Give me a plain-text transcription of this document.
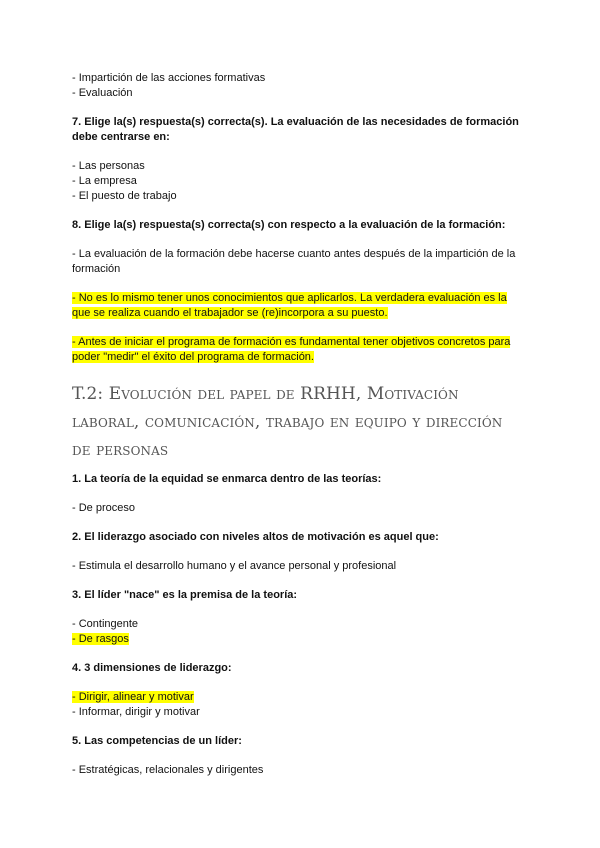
- Impartición de las acciones formativas
- Evaluación
7. Elige la(s) respuesta(s) correcta(s). La evaluación de las necesidades de formación debe centrarse en:
- Las personas
- La empresa
- El puesto de trabajo
8. Elige la(s) respuesta(s) correcta(s) con respecto a la evaluación de la formación:
- La evaluación de la formación debe hacerse cuanto antes después de la impartición de la formación
- No es lo mismo tener unos conocimientos que aplicarlos. La verdadera evaluación es la que se realiza cuando el trabajador se (re)incorpora a su puesto.
- Antes de iniciar el programa de formación es fundamental tener objetivos concretos para poder "medir" el éxito del programa de formación.
T.2: Evolución del papel de RRHH, Motivación laboral, comunicación, trabajo en equipo y dirección de personas
1. La teoría de la equidad se enmarca dentro de las teorías:
- De proceso
2. El liderazgo asociado con niveles altos de motivación es aquel que:
- Estimula el desarrollo humano y el avance personal y profesional
3. El líder "nace" es la premisa de la teoría:
- Contingente
- De rasgos
4. 3 dimensiones de liderazgo:
- Dirigir, alinear y motivar
- Informar, dirigir y motivar
5. Las competencias de un líder:
- Estratégicas, relacionales y dirigentes
